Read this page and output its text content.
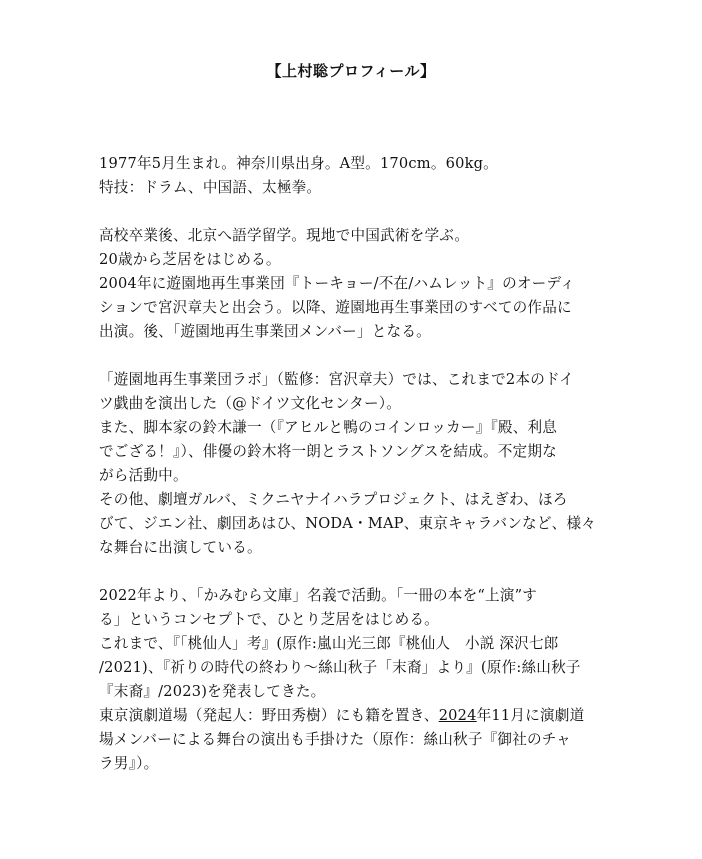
【上村聡プロフィール】
1977年5月生まれ。神奈川県出身。A型。170cm。60kg。
特技：ドラム、中国語、太極拳。
高校卒業後、北京へ語学留学。現地で中国武術を学ぶ。
20歳から芝居をはじめる。
2004年に遊園地再生事業団『トーキョー/不在/ハムレット』のオーディ
ションで宮沢章夫と出会う。以降、遊園地再生事業団のすべての作品に
出演。後、「遊園地再生事業団メンバー」となる。
「遊園地再生事業団ラボ」（監修：宮沢章夫）では、これまで2本のドイ
ツ戯曲を演出した（@ドイツ文化センター）。
また、脚本家の鈴木謙一（『アヒルと鴨のコインロッカー』『殿、利息
でござる！』）、俳優の鈴木将一朗とラストソングスを結成。不定期な
がら活動中。
その他、劇壇ガルバ、ミクニヤナイハラプロジェクト、はえぎわ、ほろ
びて、ジエン社、劇団あはひ、NODA・MAP、東京キャラバンなど、様々
な舞台に出演している。
2022年より、「かみむら文庫」名義で活動。「一冊の本を“上演”す
る」というコンセプトで、ひとり芝居をはじめる。
これまで、『「桃仙人」考』(原作:嵐山光三郎『桃仙人　小説 深沢七郎
/2021)、『祈りの時代の終わり～絲山秋子「末裔」より』(原作:絲山秋子
『末裔』/2023)を発表してきた。
東京演劇道場（発起人：野田秀樹）にも籍を置き、2024年11月に演劇道
場メンバーによる舞台の演出も手掛けた（原作：絲山秋子『御社のチャ
ラ男』）。
